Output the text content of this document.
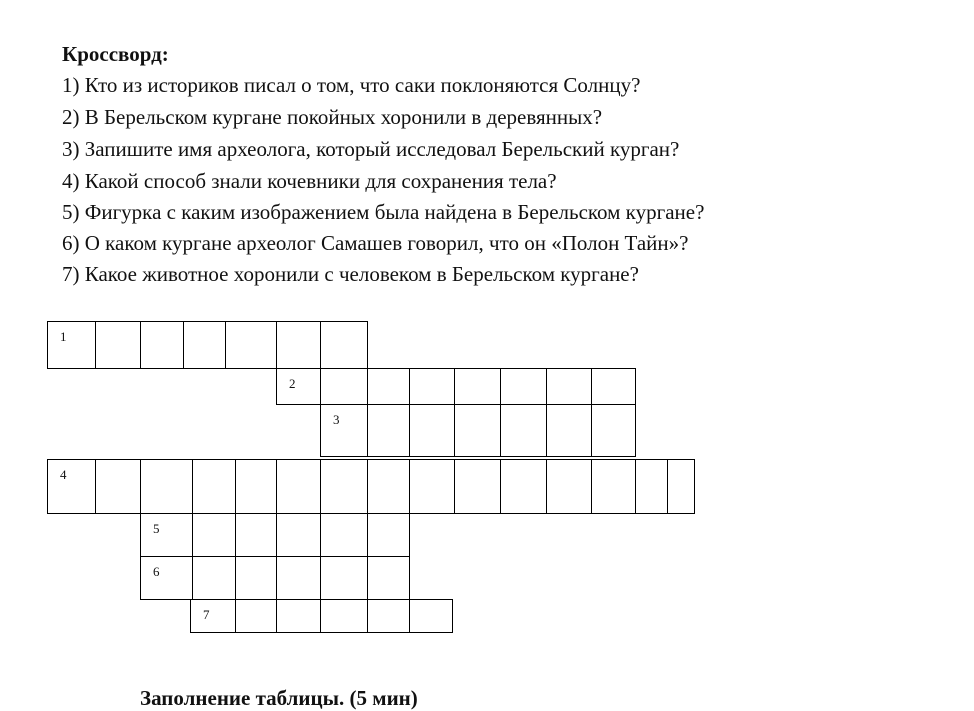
Кроссворд:
1) Кто из историков писал о том, что саки поклоняются Солнцу?
2) В Берельском кургане покойных хоронили в деревянных?
3) Запишите имя археолога, который исследовал Берельский курган?
4) Какой способ знали кочевники для сохранения тела?
5) Фигурка с каким изображением была найдена в Берельском кургане?
6) О каком кургане археолог Самашев говорил, что он «Полон Тайн»?
7) Какое животное хоронили с человеком в Берельском кургане?
1
2
3
4
5
6
7
Заполнение таблицы. (5 мин)
